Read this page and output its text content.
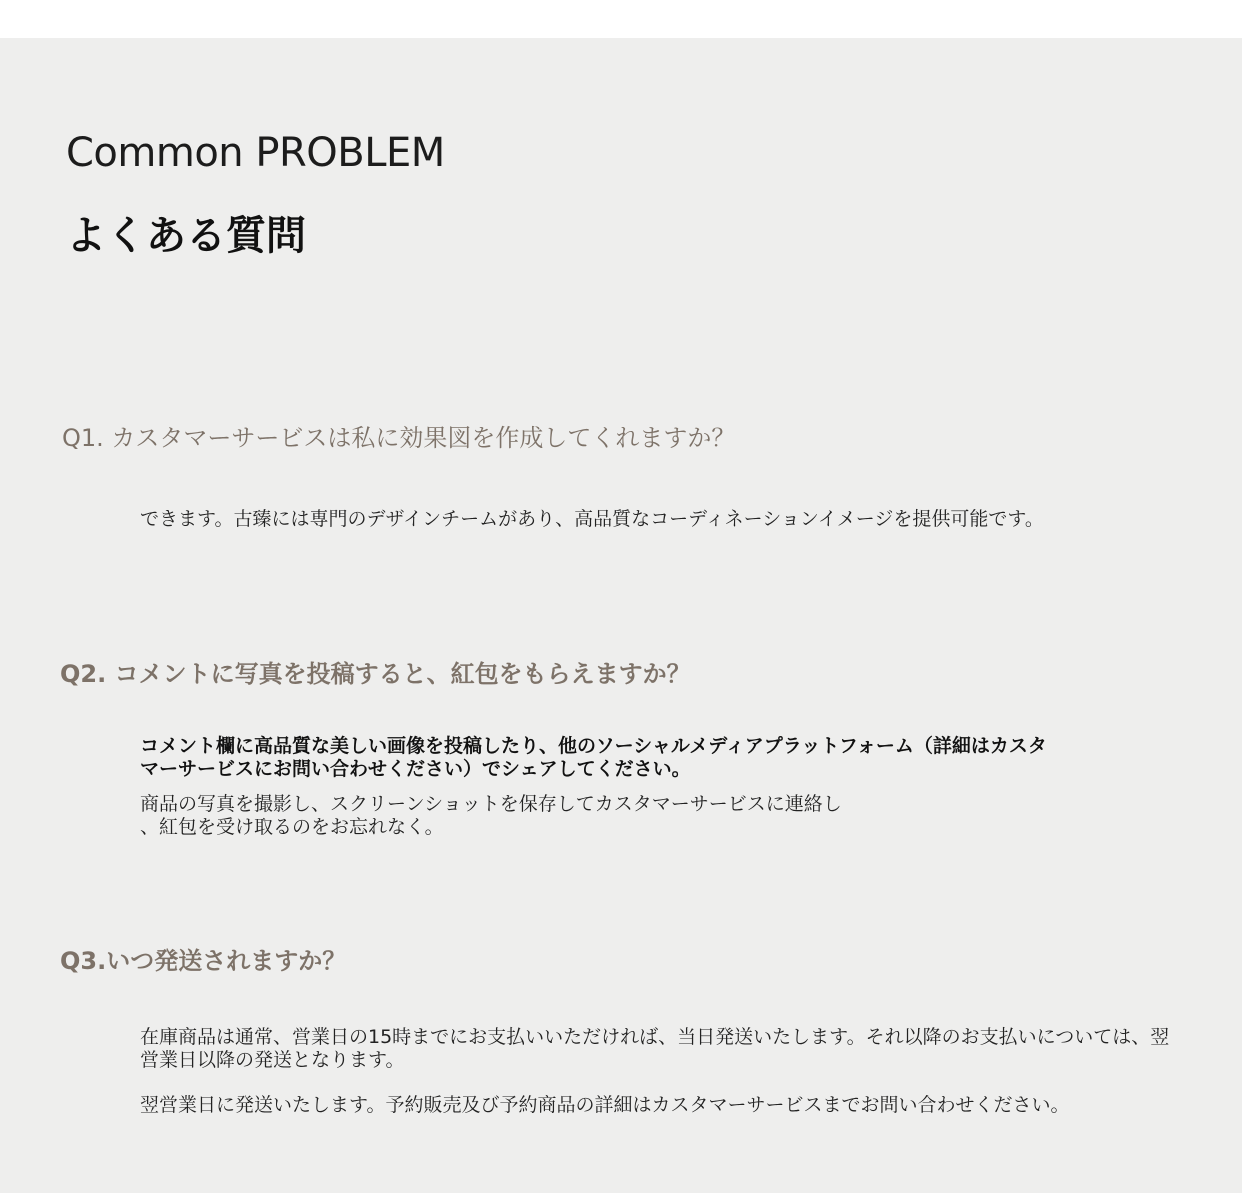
Common PROBLEM
よくある質問

Q1. カスタマーサービスは私に効果図を作成してくれますか？

できます。古臻には専門のデザインチームがあり、高品質なコーディネーションイメージを提供可能です。

Q2. コメントに写真を投稿すると、紅包をもらえますか？

コメント欄に高品質な美しい画像を投稿したり、他のソーシャルメディアプラットフォーム（詳細はカスタ
マーサービスにお問い合わせください）でシェアしてください。
商品の写真を撮影し、スクリーンショットを保存してカスタマーサービスに連絡し
、紅包を受け取るのをお忘れなく。

Q3.いつ発送されますか？

在庫商品は通常、営業日の15時までにお支払いいただければ、当日発送いたします。それ以降のお支払いについては、翌
営業日以降の発送となります。
翌営業日に発送いたします。予約販売及び予約商品の詳細はカスタマーサービスまでお問い合わせください。
